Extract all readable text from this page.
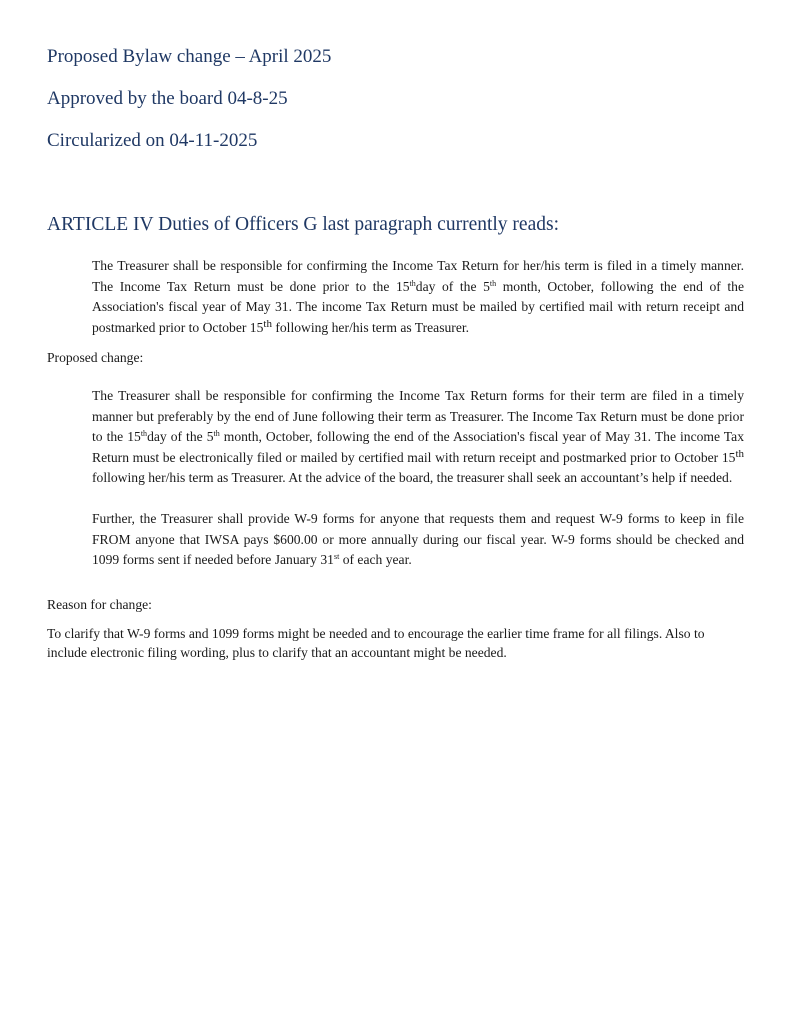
Proposed Bylaw change – April 2025
Approved by the board 04-8-25
Circularized on 04-11-2025
ARTICLE IV Duties of Officers G last paragraph currently reads:

The Treasurer shall be responsible for confirming the Income Tax Return for her/his term is filed in a timely manner. The Income Tax Return must be done prior to the 15thday of the 5th month, October, following the end of the Association's fiscal year of May 31. The income Tax Return must be mailed by certified mail with return receipt and postmarked prior to October 15th following her/his term as Treasurer.

Proposed change:

The Treasurer shall be responsible for confirming the Income Tax Return forms for their term are filed in a timely manner but preferably by the end of June following their term as Treasurer. The Income Tax Return must be done prior to the 15thday of the 5th month, October, following the end of the Association's fiscal year of May 31. The income Tax Return must be electronically filed or mailed by certified mail with return receipt and postmarked prior to October 15th following her/his term as Treasurer. At the advice of the board, the treasurer shall seek an accountant’s help if needed.

Further, the Treasurer shall provide W-9 forms for anyone that requests them and request W-9 forms to keep in file FROM anyone that IWSA pays $600.00 or more annually during our fiscal year. W-9 forms should be checked and 1099 forms sent if needed before January 31st of each year.

Reason for change:

To clarify that W-9 forms and 1099 forms might be needed and to encourage the earlier time frame for all filings. Also to include electronic filing wording, plus to clarify that an accountant might be needed.
